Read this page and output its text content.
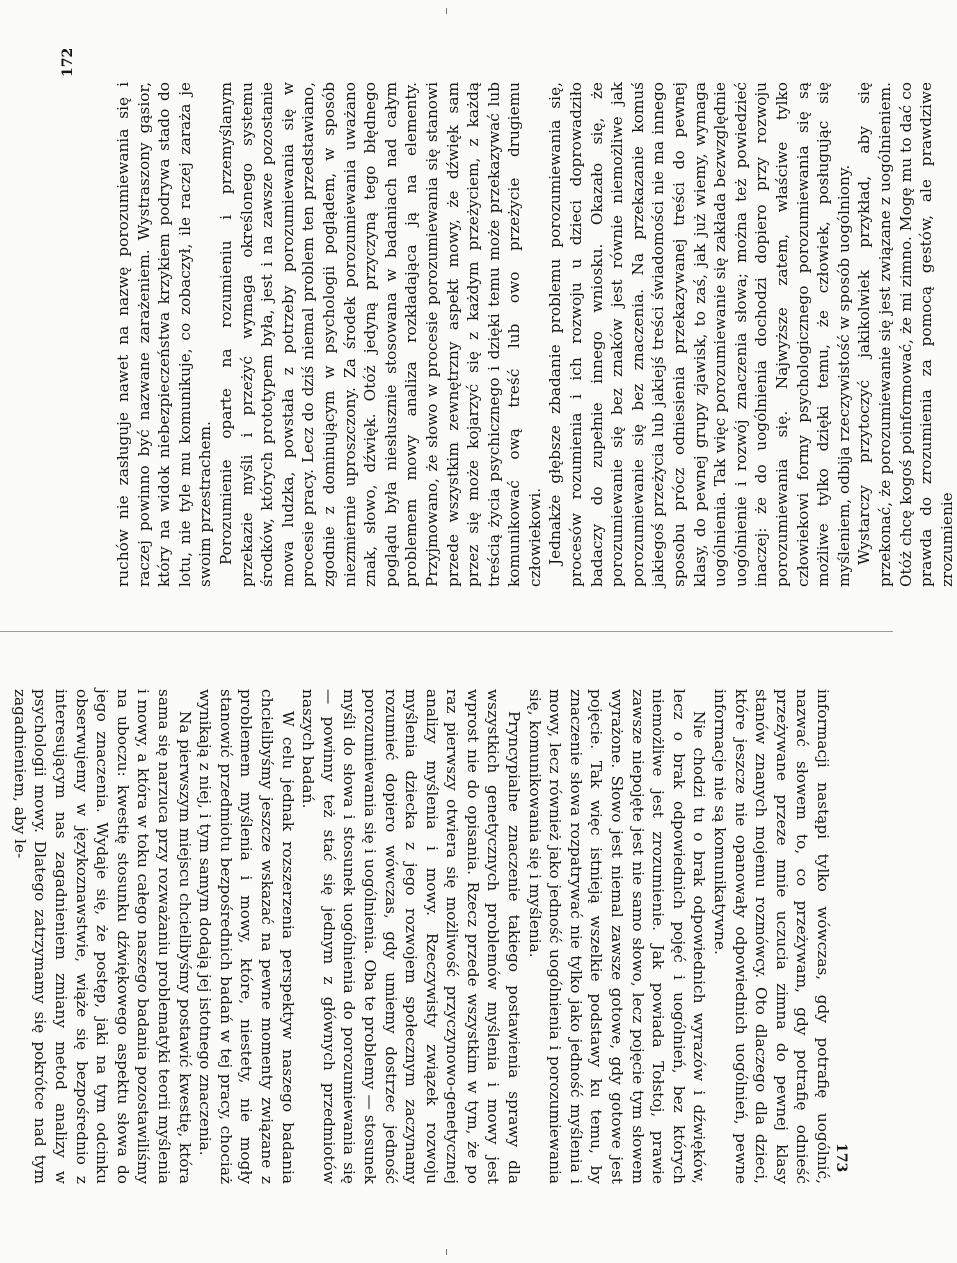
ruchów nie zasługuje nawet na nazwę porozumiewania się i raczej powinno być nazwane zarażeniem. Wystraszony gąsior, który na widok niebezpieczeństwa krzykiem podrywa stado do lotu, nie tyle mu komunikuje, co zobaczył, ile raczej zaraża je swoim przestrachem. Porozumienie oparte na rozumieniu i przemyślanym przekazie myśli i przeżyć wymaga określonego systemu środków, których prototypem była, jest i na zawsze pozostanie mowa ludzka, powstała z potrzeby porozumiewania się w procesie pracy. Lecz do dziś niemal problem ten przedstawiano, zgodnie z dominującym w psychologii poglądem, w sposób niezmiernie uproszczony. Za środek porozumiewania uważano znak, słowo, dźwięk. Otóż jedyną przyczyną tego błędnego poglądu była niesłusznie stosowana w badaniach nad całym problemem mowy analiza rozkładająca ją na elementy. Przyjmowano, że słowo w procesie porozumiewania się stanowi przede wszystkim zewnętrzny aspekt mowy, że dźwięk sam przez się może kojarzyć się z każdym przeżyciem, z każdą treścią życia psychicznego i dzięki temu może przekazywać lub komunikować ową treść lub owo przeżycie drugiemu człowiekowi. Jednakże głębsze zbadanie problemu porozumiewania się, procesów rozumienia i ich rozwoju u dzieci doprowadziło badaczy do zupełnie innego wniosku. Okazało się, że porozumiewanie się bez znaków jest równie niemożliwe jak porozumiewanie się bez znaczenia. Na przekazanie komuś jakiegoś przeżycia lub jakiejś treści świadomości nie ma innego sposobu prócz odniesienia przekazywanej treści do pewnej klasy, do pewnej grupy zjawisk, to zaś, jak już wiemy, wymaga uogólnienia. Tak więc porozumiewanie się zakłada bezwzględnie uogólnienie i rozwój znaczenia słowa; można też powiedzieć inaczej: że do uogólnienia dochodzi dopiero przy rozwoju porozumiewania się. Najwyższe zatem, właściwe tylko człowiekowi formy psychologicznego porozumiewania się są możliwe tylko dzięki temu, że człowiek, posługując się myśleniem, odbija rzeczywistość w sposób uogólniony. Wystarczy przytoczyć jakikolwiek przykład, aby się przekonać, że porozumiewanie się jest związane z uogólnieniem. Otóż chcę kogoś poinformować, że mi zimno. Mogę mu to dać co prawda do zrozumienia za pomocą gestów, ale prawdziwe zrozumienie

informacji nastąpi tylko wówczas, gdy potrafię uogólnić, nazwać słowem to, co przeżywam, gdy potrafię odnieść przeżywane przeze mnie uczucia zimna do pewnej klasy stanów znanych mojemu rozmówcy. Oto dlaczego dla dzieci, które jeszcze nie opanowały odpowiednich uogólnień, pewne informacje nie są komunikatywne.

Nie chodzi tu o brak odpowiednich wyrazów i dźwięków, lecz o brak odpowiednich pojęć i uogólnień, bez których niemożliwe jest zrozumienie. Jak powiada Tołstoj, prawie zawsze niepojęte jest nie samo słowo, lecz pojęcie tym słowem wyrażone. Słowo jest niemal zawsze gotowe, gdy gotowe jest pojęcie. Tak więc istnieją wszelkie podstawy ku temu, by znaczenie słowa rozpatrywać nie tylko jako jedność myślenia i mowy, lecz również jako jedność uogólnienia i porozumiewania się, komunikowania się i myślenia.

Pryncypialne znaczenie takiego postawienia sprawy dla wszystkich genetycznych problemów myślenia i mowy jest wprost nie do opisania. Rzecz przede wszystkim w tym, że po raz pierwszy otwiera się możliwość przyczynowo-genetycznej analizy myślenia i mowy. Rzeczywisty związek rozwoju myślenia dziecka z jego rozwojem społecznym zaczynamy rozumieć dopiero wówczas, gdy umiemy dostrzec jedność porozumiewania się i uogólnienia. Oba te problemy — stosunek myśli do słowa i stosunek uogólnienia do porozumiewania się — powinny też stać się jednym z głównych przedmiotów naszych badań.

W celu jednak rozszerzenia perspektyw naszego badania chcielibyśmy jeszcze wskazać na pewne momenty związane z problemem myślenia i mowy, które, niestety, nie mogły stanowić przedmiotu bezpośrednich badań w tej pracy, chociaż wynikają z niej, i tym samym dodają jej istotnego znaczenia.

Na pierwszym miejscu chcielibyśmy postawić kwestię, która sama się narzuca przy rozważaniu problematyki teorii myślenia i mowy, a która w toku całego naszego badania pozostawiliśmy na uboczu: kwestię stosunku dźwiękowego aspektu słowa do jego znaczenia. Wydaje się, że postęp, jaki na tym odcinku obserwujemy w językoznawstwie, wiąże się bezpośrednio z interesującym nas zagadnieniem zmiany metod analizy w psychologii mowy. Dlatego zatrzymamy się pokrótce nad tym zagadnieniem, aby le-

172
173
